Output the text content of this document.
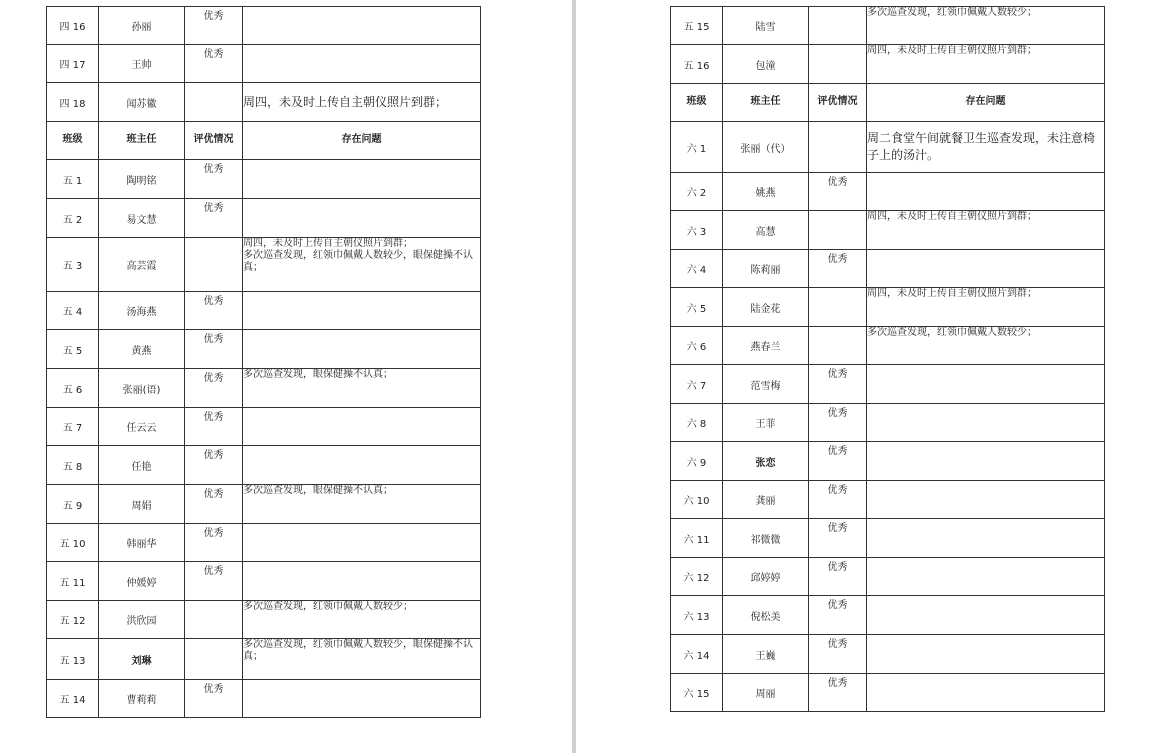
四 16	孙丽	优秀	
四 17	王帅	优秀	
四 18	闻苏徽		周四，未及时上传自主朝仪照片到群；

班级	班主任	评优情况	存在问题
五 1	陶明铭	优秀	
五 2	易文慧	优秀	
五 3	高芸霞		周四，未及时上传自主朝仪照片到群；
多次巡查发现，红领巾佩戴人数较少，眼保健操不认真；

五 4	汤海燕	优秀	
五 5	黄燕	优秀	
五 6	张丽(语)	优秀	多次巡查发现，眼保健操不认真；

五 7	任云云	优秀	
五 8	任艳	优秀	
五 9	周娟	优秀	多次巡查发现，眼保健操不认真；

五 10	韩丽华	优秀	
五 11	仲媛婷	优秀	
五 12	洪欣园		多次巡查发现，红领巾佩戴人数较少；

五 13	刘琳		多次巡查发现，红领巾佩戴人数较少，眼保健操不认真；

五 14	曹莉莉	优秀	
五 15	陆雪		多次巡查发现，红领巾佩戴人数较少；

五 16	包潼		周四，未及时上传自主朝仪照片到群；

班级	班主任	评优情况	存在问题
六 1	张丽（代）		周二食堂午间就餐卫生巡查发现，未注意椅子上的汤汁。

六 2	姚燕	优秀	
六 3	高慧		周四，未及时上传自主朝仪照片到群；

六 4	陈莉丽	优秀	
六 5	陆金花		周四，未及时上传自主朝仪照片到群；

六 6	燕春兰		多次巡查发现，红领巾佩戴人数较少；

六 7	范雪梅	优秀	
六 8	王菲	优秀	
六 9	张恋	优秀	
六 10	龚丽	优秀	
六 11	祁微微	优秀	
六 12	邱婷婷	优秀	
六 13	倪松美	优秀	
六 14	王巍	优秀	
六 15	周丽	优秀	
